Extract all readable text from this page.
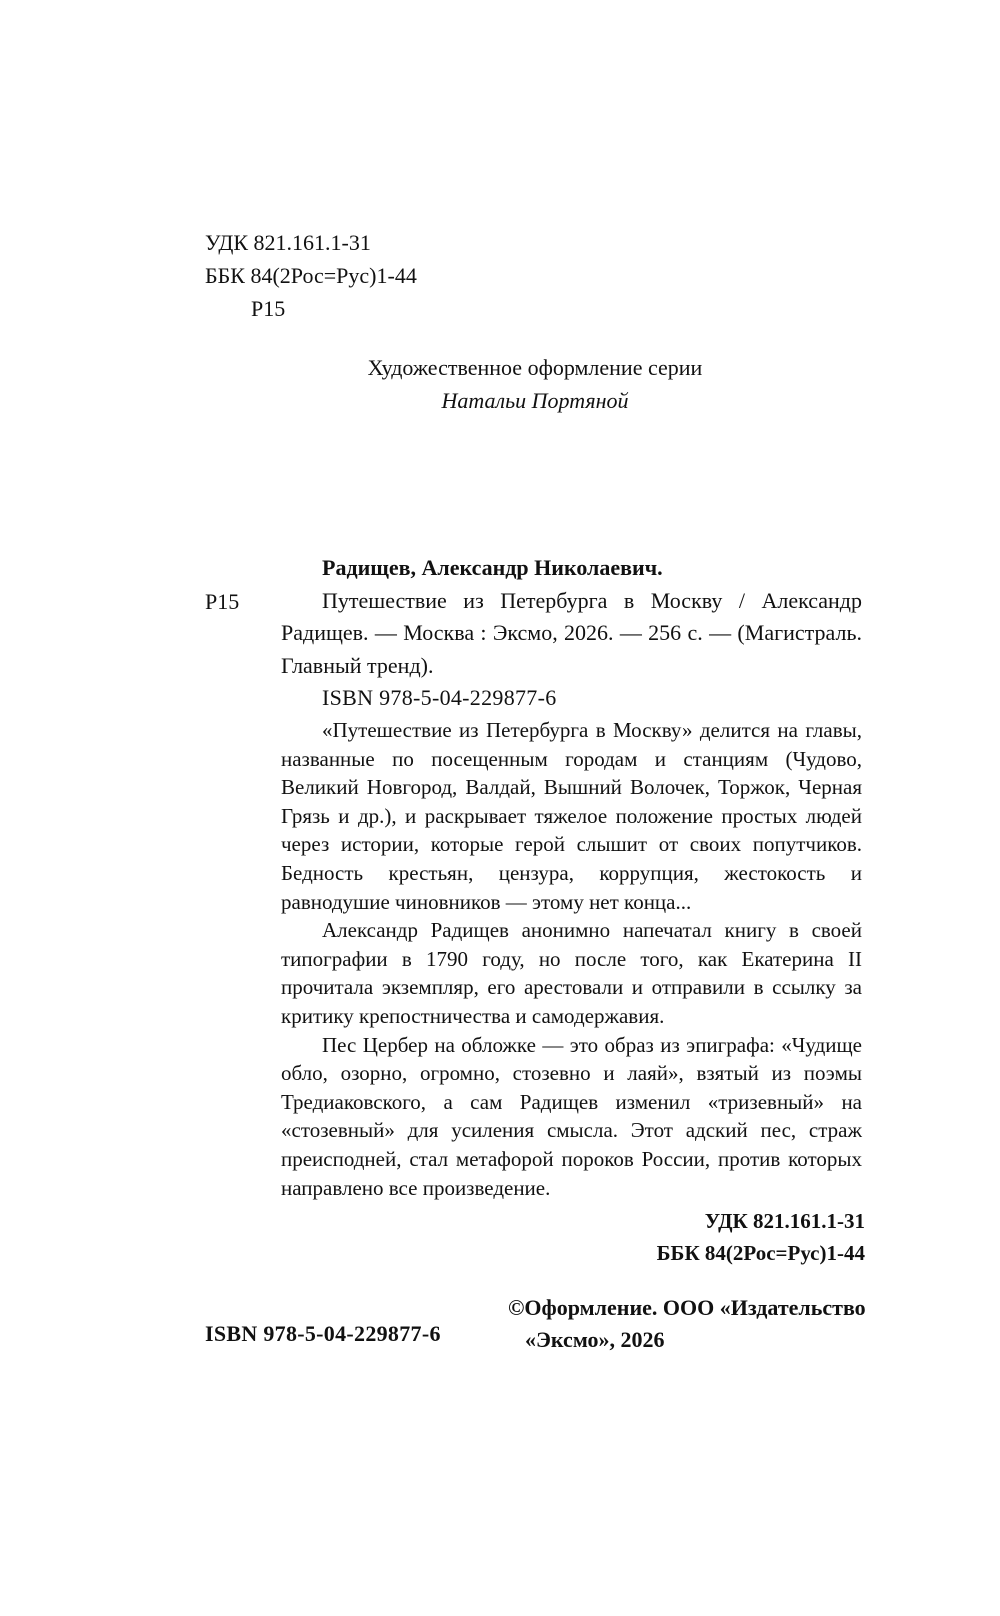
УДК 821.161.1-31
ББК 84(2Рос=Рус)1-44
Р15
Художественное оформление серии
Натальи Портяной
Р15

Радищев, Александр Николаевич.

Путешествие из Петербурга в Москву / Александр Радищев. — Москва : Эксмо, 2026. — 256 с. — (Магистраль. Главный тренд).

ISBN 978-5-04-229877-6

«Путешествие из Петербурга в Москву» делится на главы, названные по посещенным городам и станциям (Чудово, Великий Новгород, Валдай, Вышний Волочек, Торжок, Черная Грязь и др.), и раскрывает тяжелое положение простых людей через истории, которые герой слышит от своих попутчиков. Бедность крестьян, цензура, коррупция, жестокость и равнодушие чиновников — этому нет конца...

Александр Радищев анонимно напечатал книгу в своей типографии в 1790 году, но после того, как Екатерина II прочитала экземпляр, его арестовали и отправили в ссылку за критику крепостничества и самодержавия.

Пес Цербер на обложке — это образ из эпиграфа: «Чудище обло, озорно, огромно, стозевно и лаяй», взятый из поэмы Тредиаковского, а сам Радищев изменил «тризевный» на «стозевный» для усиления смысла. Этот адский пес, страж преисподней, стал метафорой пороков России, против которых направлено все произведение.

УДК 821.161.1-31
ББК 84(2Рос=Рус)1-44
ISBN 978-5-04-229877-6
©Оформление. ООО «Издательство
«Эксмо», 2026
